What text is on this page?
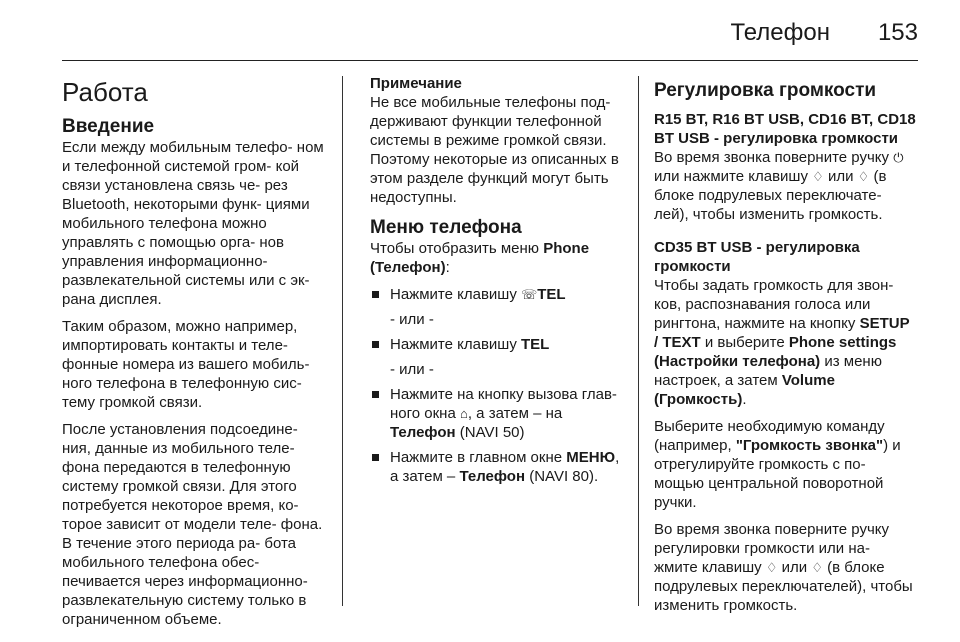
Телефон 153
Работа
Введение

Если между мобильным телефо- ном и телефонной системой гром- кой связи установлена связь че- рез Bluetooth, некоторыми функ- циями мобильного телефона можно управлять с помощью орга- нов управления информационно- развлекательной системы или с эк- рана дисплея.

Таким образом, можно например, импортировать контакты и теле- фонные номера из вашего мобиль- ного телефона в телефонную сис- тему громкой связи.

После установления подсоедине- ния, данные из мобильного теле- фона передаются в телефонную систему громкой связи. Для этого потребуется некоторое время, ко- торое зависит от модели теле- фона. В течение этого периода ра- бота мобильного телефона обес- печивается через информационно- развлекательную систему только в ограниченном объеме.

Примечание

Не все мобильные телефоны под- держивают функции телефонной системы в режиме громкой связи. Поэтому некоторые из описанных в этом разделе функций могут быть недоступны.

Меню телефона

Чтобы отобразить меню Phone (Телефон):

Нажмите клавишу ☏TEL
- или -
Нажмите клавишу TEL
- или -
Нажмите на кнопку вызова глав- ного окна ⌂, а затем – на Телефон (NAVI 50)
Нажмите в главном окне МЕНЮ, а затем – Телефон (NAVI 80).
Регулировка громкости
R15 BT, R16 BT USB, CD16 BT, CD18 BT USB - регулировка громкости

Во время звонка поверните ручку ⏻ или нажмите клавишу ♢ или ♢ (в блоке подрулевых переключате- лей), чтобы изменить громкость.

CD35 BT USB - регулировка громкости

Чтобы задать громкость для звон- ков, распознавания голоса или рингтона, нажмите на кнопку SETUP / TEXT и выберите Phone settings (Настройки телефона) из меню настроек, а затем Volume (Громкость).

Выберите необходимую команду (например, "Громкость звонка") и отрегулируйте громкость с по- мощью центральной поворотной ручки.

Во время звонка поверните ручку регулировки громкости или на- жмите клавишу ♢ или ♢ (в блоке подрулевых переключателей), чтобы изменить громкость.
